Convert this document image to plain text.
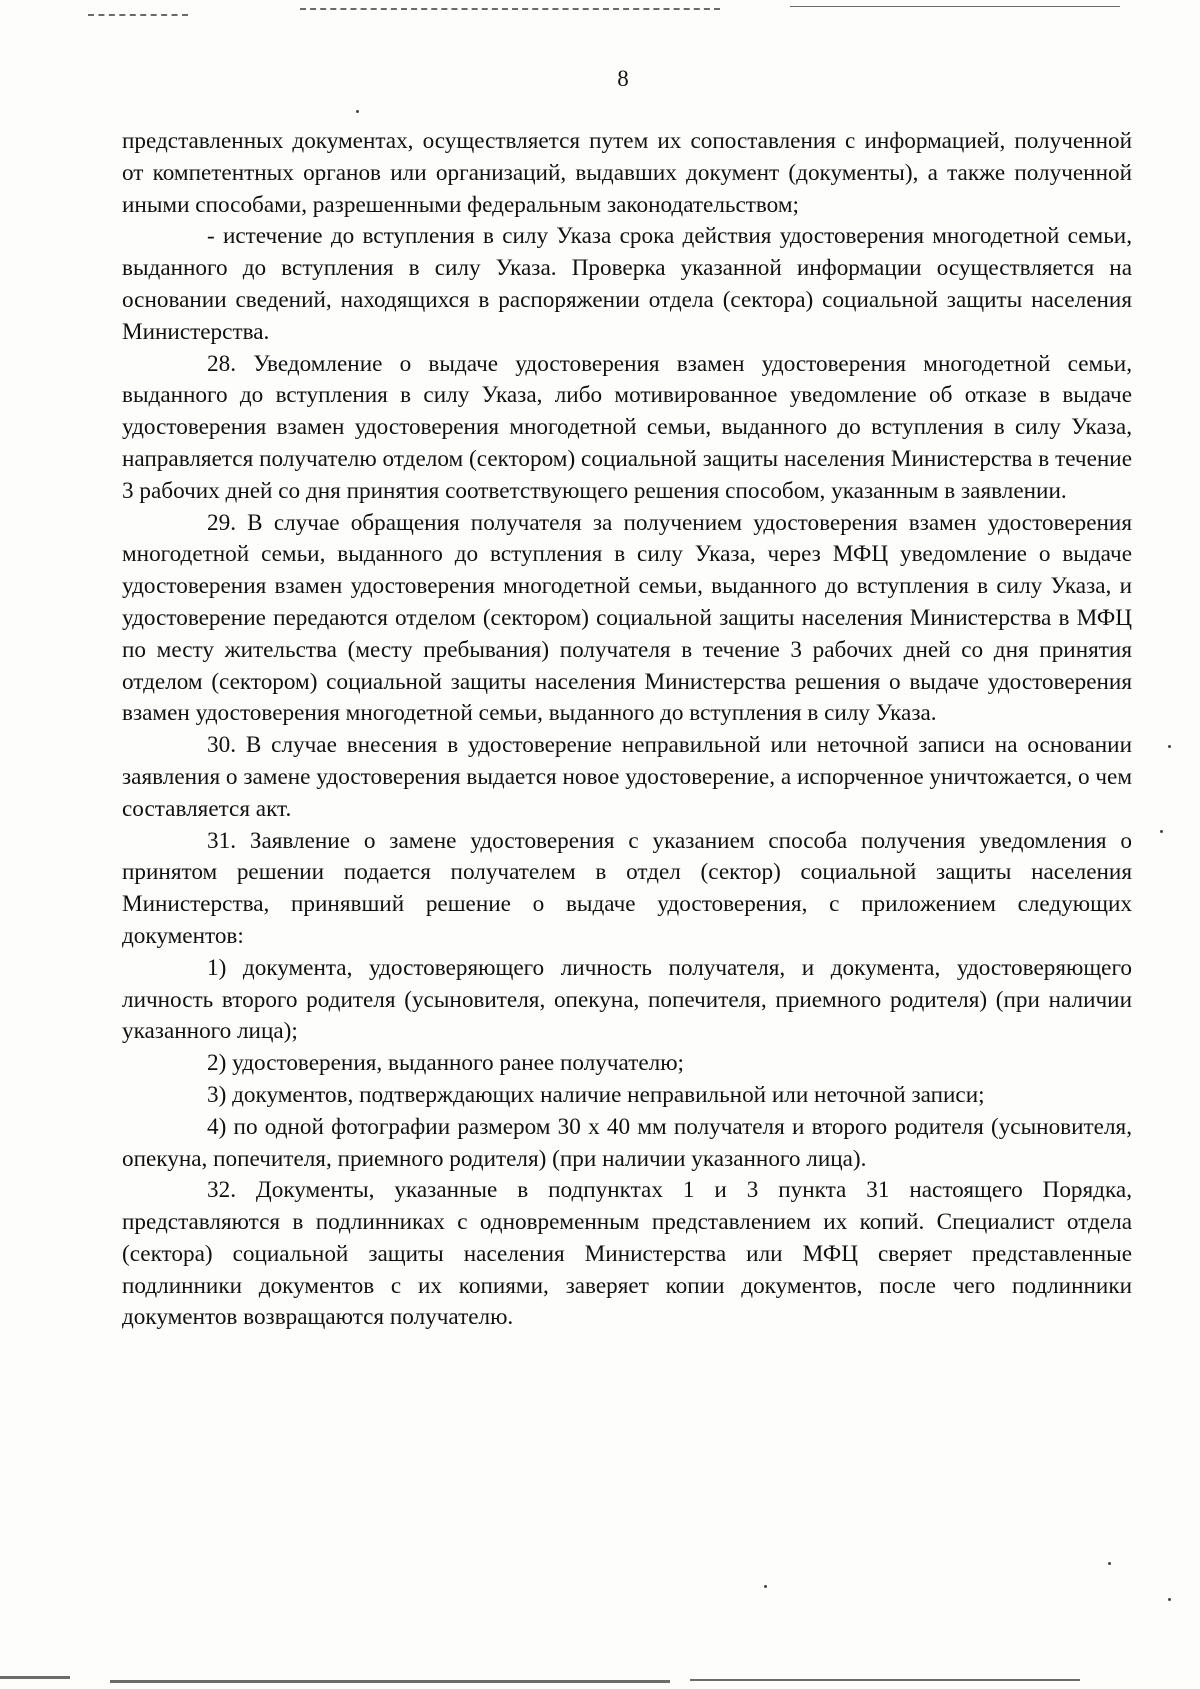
8

представленных документах, осуществляется путем их сопоставления с информацией, полученной от компетентных органов или организаций, выдавших документ (документы), а также полученной иными способами, разрешенными федеральным законодательством;

- истечение до вступления в силу Указа срока действия удостоверения многодетной семьи, выданного до вступления в силу Указа. Проверка указанной информации осуществляется на основании сведений, находящихся в распоряжении отдела (сектора) социальной защиты населения Министерства.

28. Уведомление о выдаче удостоверения взамен удостоверения многодетной семьи, выданного до вступления в силу Указа, либо мотивированное уведомление об отказе в выдаче удостоверения взамен удостоверения многодетной семьи, выданного до вступления в силу Указа, направляется получателю отделом (сектором) социальной защиты населения Министерства в течение 3 рабочих дней со дня принятия соответствующего решения способом, указанным в заявлении.

29. В случае обращения получателя за получением удостоверения взамен удостоверения многодетной семьи, выданного до вступления в силу Указа, через МФЦ уведомление о выдаче удостоверения взамен удостоверения многодетной семьи, выданного до вступления в силу Указа, и удостоверение передаются отделом (сектором) социальной защиты населения Министерства в МФЦ по месту жительства (месту пребывания) получателя в течение 3 рабочих дней со дня принятия отделом (сектором) социальной защиты населения Министерства решения о выдаче удостоверения взамен удостоверения многодетной семьи, выданного до вступления в силу Указа.

30. В случае внесения в удостоверение неправильной или неточной записи на основании заявления о замене удостоверения выдается новое удостоверение, а испорченное уничтожается, о чем составляется акт.

31. Заявление о замене удостоверения с указанием способа получения уведомления о принятом решении подается получателем в отдел (сектор) социальной защиты населения Министерства, принявший решение о выдаче удостоверения, с приложением следующих документов:

1) документа, удостоверяющего личность получателя, и документа, удостоверяющего личность второго родителя (усыновителя, опекуна, попечителя, приемного родителя) (при наличии указанного лица);

2) удостоверения, выданного ранее получателю;

3) документов, подтверждающих наличие неправильной или неточной записи;

4) по одной фотографии размером 30 х 40 мм получателя и второго родителя (усыновителя, опекуна, попечителя, приемного родителя) (при наличии указанного лица).

32. Документы, указанные в подпунктах 1 и 3 пункта 31 настоящего Порядка, представляются в подлинниках с одновременным представлением их копий. Специалист отдела (сектора) социальной защиты населения Министерства или МФЦ сверяет представленные подлинники документов с их копиями, заверяет копии документов, после чего подлинники документов возвращаются получателю.
